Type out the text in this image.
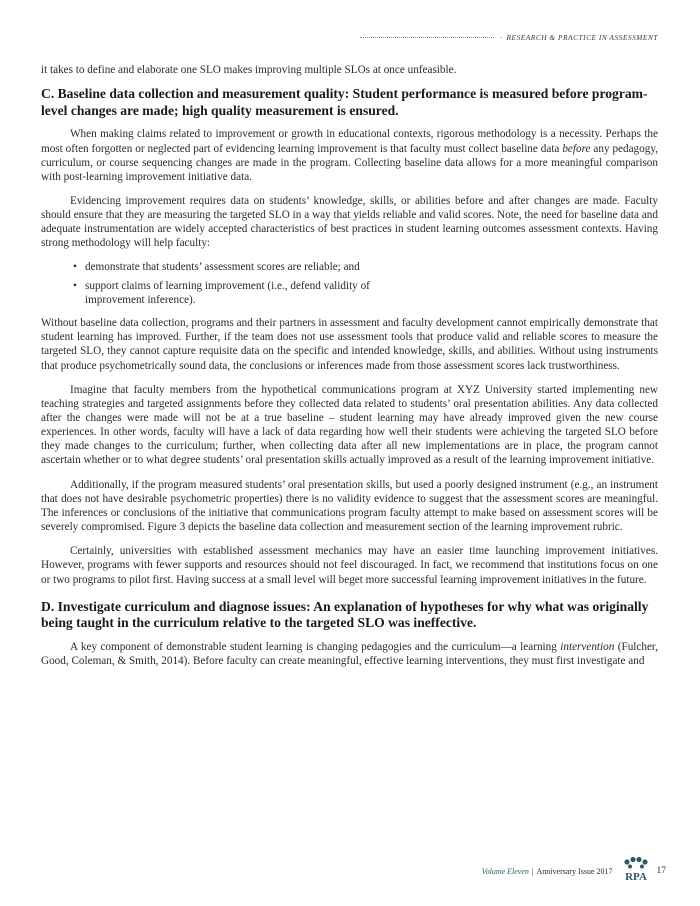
· RESEARCH & PRACTICE IN ASSESSMENT

it takes to define and elaborate one SLO makes improving multiple SLOs at once unfeasible.

C. Baseline data collection and measurement quality: Student performance is measured before program-level changes are made; high quality measurement is ensured.

When making claims related to improvement or growth in educational contexts, rigorous methodology is a necessity. Perhaps the most often forgotten or neglected part of evidencing learning improvement is that faculty must collect baseline data before any pedagogy, curriculum, or course sequencing changes are made in the program. Collecting baseline data allows for a more meaningful comparison with post-learning improvement initiative data.

Evidencing improvement requires data on students’ knowledge, skills, or abilities before and after changes are made. Faculty should ensure that they are measuring the targeted SLO in a way that yields reliable and valid scores. Note, the need for baseline data and adequate instrumentation are widely accepted characteristics of best practices in student learning outcomes assessment contexts. Having strong methodology will help faculty:

• demonstrate that students’ assessment scores are reliable; and
• support claims of learning improvement (i.e., defend validity of improvement inference).

Without baseline data collection, programs and their partners in assessment and faculty development cannot empirically demonstrate that student learning has improved. Further, if the team does not use assessment tools that produce valid and reliable scores to measure the targeted SLO, they cannot capture requisite data on the specific and intended knowledge, skills, and abilities. Without using instruments that produce psychometrically sound data, the conclusions or inferences made from those assessment scores lack trustworthiness.

Imagine that faculty members from the hypothetical communications program at XYZ University started implementing new teaching strategies and targeted assignments before they collected data related to students’ oral presentation abilities. Any data collected after the changes were made will not be at a true baseline – student learning may have already improved given the new course experiences. In other words, faculty will have a lack of data regarding how well their students were achieving the targeted SLO before they made changes to the curriculum; further, when collecting data after all new implementations are in place, the program cannot ascertain whether or to what degree students’ oral presentation skills actually improved as a result of the learning improvement initiative.

Additionally, if the program measured students’ oral presentation skills, but used a poorly designed instrument (e.g., an instrument that does not have desirable psychometric properties) there is no validity evidence to suggest that the assessment scores are meaningful. The inferences or conclusions of the initiative that communications program faculty attempt to make based on assessment scores will be severely compromised. Figure 3 depicts the baseline data collection and measurement section of the learning improvement rubric.

Certainly, universities with established assessment mechanics may have an easier time launching improvement initiatives. However, programs with fewer supports and resources should not feel discouraged. In fact, we recommend that institutions focus on one or two programs to pilot first. Having success at a small level will beget more successful learning improvement initiatives in the future.

D. Investigate curriculum and diagnose issues: An explanation of hypotheses for why what was originally being taught in the curriculum relative to the targeted SLO was ineffective.

A key component of demonstrable student learning is changing pedagogies and the curriculum—a learning intervention (Fulcher, Good, Coleman, & Smith, 2014). Before faculty can create meaningful, effective learning interventions, they must first investigate and

Volume Eleven | Anniversary Issue 2017 RPA 17
